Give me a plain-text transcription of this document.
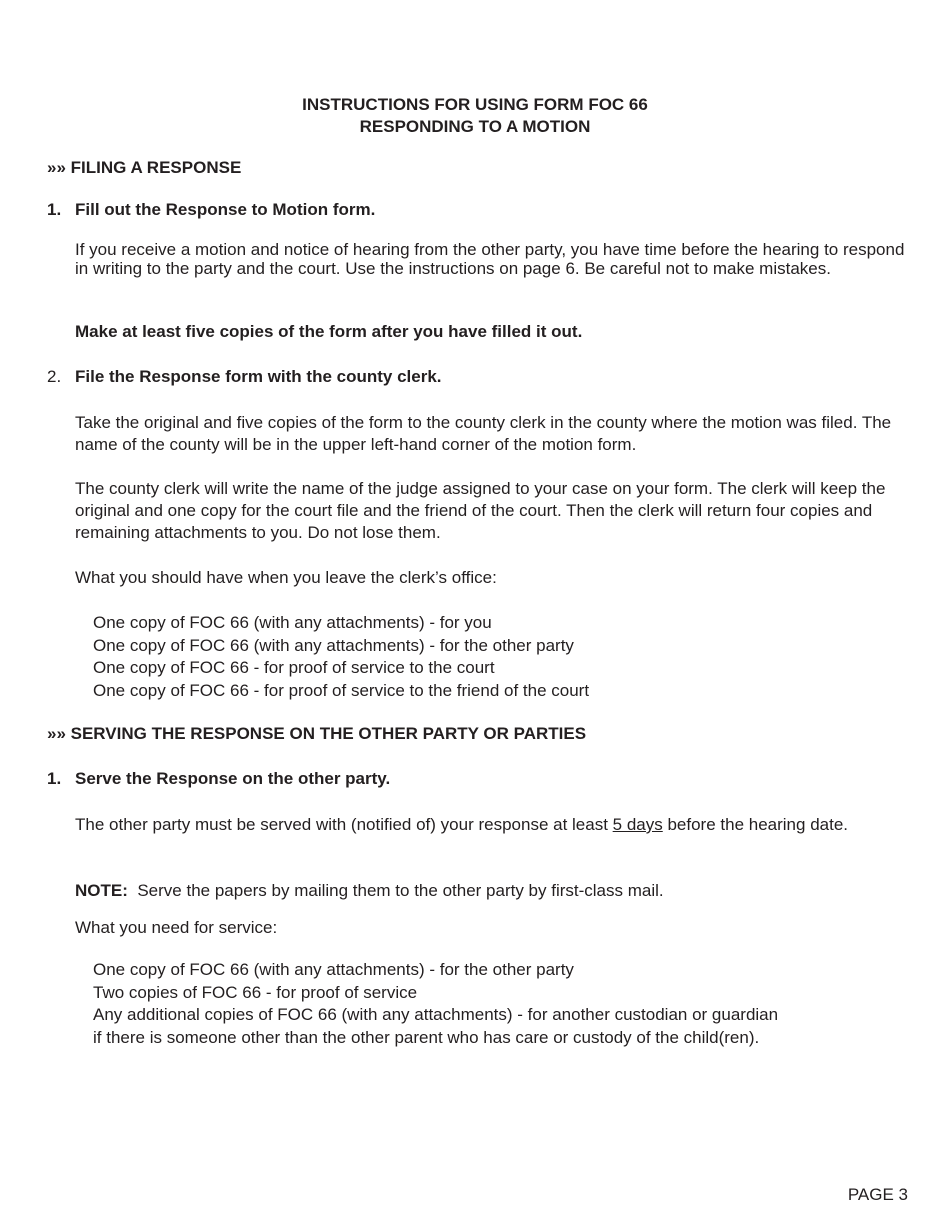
INSTRUCTIONS FOR USING FORM FOC 66
RESPONDING TO A MOTION
»» FILING A RESPONSE
1. Fill out the Response to Motion form.
If you receive a motion and notice of hearing from the other party, you have time before the hearing to respond in writing to the party and the court. Use the instructions on page 6. Be careful not to make mistakes.
Make at least five copies of the form after you have filled it out.
2. File the Response form with the county clerk.
Take the original and five copies of the form to the county clerk in the county where the motion was filed. The name of the county will be in the upper left-hand corner of the motion form.
The county clerk will write the name of the judge assigned to your case on your form. The clerk will keep the original and one copy for the court file and the friend of the court. Then the clerk will return four copies and remaining attachments to you. Do not lose them.
What you should have when you leave the clerk’s office:
One copy of FOC 66 (with any attachments) - for you
One copy of FOC 66 (with any attachments) - for the other party
One copy of FOC 66 - for proof of service to the court
One copy of FOC 66 - for proof of service to the friend of the court
»» SERVING THE RESPONSE ON THE OTHER PARTY OR PARTIES
1. Serve the Response on the other party.
The other party must be served with (notified of) your response at least 5 days before the hearing date.
NOTE: Serve the papers by mailing them to the other party by first-class mail.
What you need for service:
One copy of FOC 66 (with any attachments) - for the other party
Two copies of FOC 66 - for proof of service
Any additional copies of FOC 66 (with any attachments) - for another custodian or guardian
if there is someone other than the other parent who has care or custody of the child(ren).
PAGE 3
